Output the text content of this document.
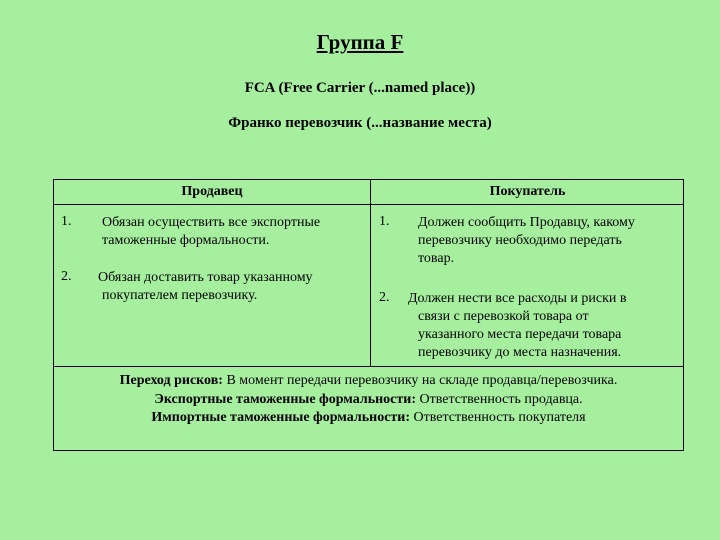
Группа F
FCA (Free Carrier (...named place))
Франко перевозчик (...название места)
Продавец	Покупатель
1. Обязан осуществить все экспортные
таможенные формальности.
2. Обязан доставить товар указанному
покупателем перевозчику.
1. Должен сообщить Продавцу, какому
перевозчику необходимо передать
товар.
2. Должен нести все расходы и риски в
связи с перевозкой товара от
указанного места передачи товара
перевозчику до места назначения.
Переход рисков: В момент передачи перевозчику на складе продавца/перевозчика.
Экспортные таможенные формальности: Ответственность продавца.
Импортные таможенные формальности: Ответственность покупателя
